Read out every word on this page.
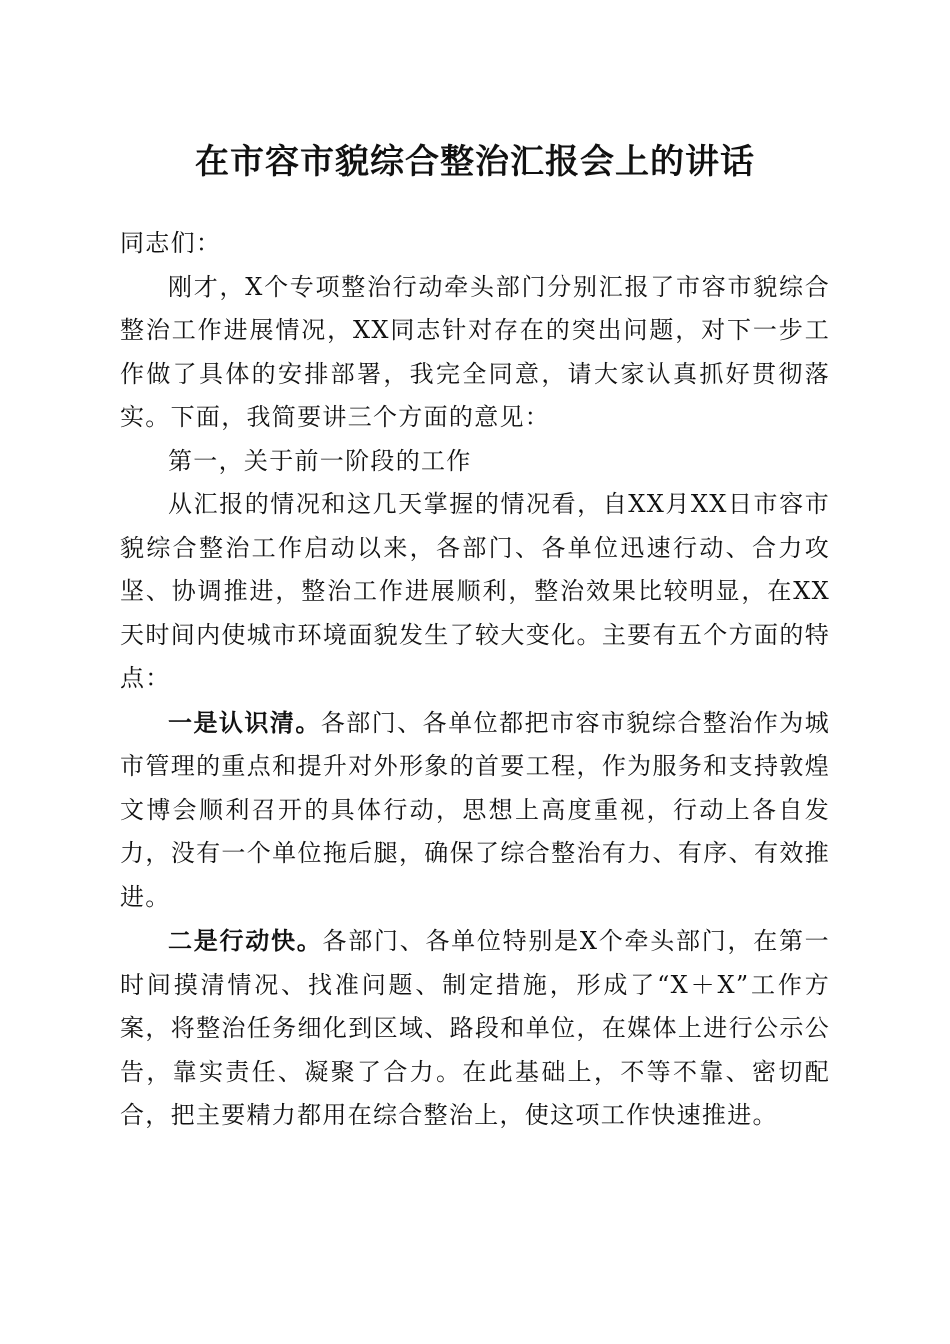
在市容市貌综合整治汇报会上的讲话

同志们：

刚才，X个专项整治行动牵头部门分别汇报了市容市貌综合整治工作进展情况，XX同志针对存在的突出问题，对下一步工作做了具体的安排部署，我完全同意，请大家认真抓好贯彻落实。下面，我简要讲三个方面的意见：

第一，关于前一阶段的工作

从汇报的情况和这几天掌握的情况看，自XX月XX日市容市貌综合整治工作启动以来，各部门、各单位迅速行动、合力攻坚、协调推进，整治工作进展顺利，整治效果比较明显，在XX天时间内使城市环境面貌发生了较大变化。主要有五个方面的特点：

一是认识清。各部门、各单位都把市容市貌综合整治作为城市管理的重点和提升对外形象的首要工程，作为服务和支持敦煌文博会顺利召开的具体行动，思想上高度重视，行动上各自发力，没有一个单位拖后腿，确保了综合整治有力、有序、有效推进。

二是行动快。各部门、各单位特别是X个牵头部门，在第一时间摸清情况、找准问题、制定措施，形成了“X＋X”工作方案，将整治任务细化到区域、路段和单位，在媒体上进行公示公告，靠实责任、凝聚了合力。在此基础上，不等不靠、密切配合，把主要精力都用在综合整治上，使这项工作快速推进。
